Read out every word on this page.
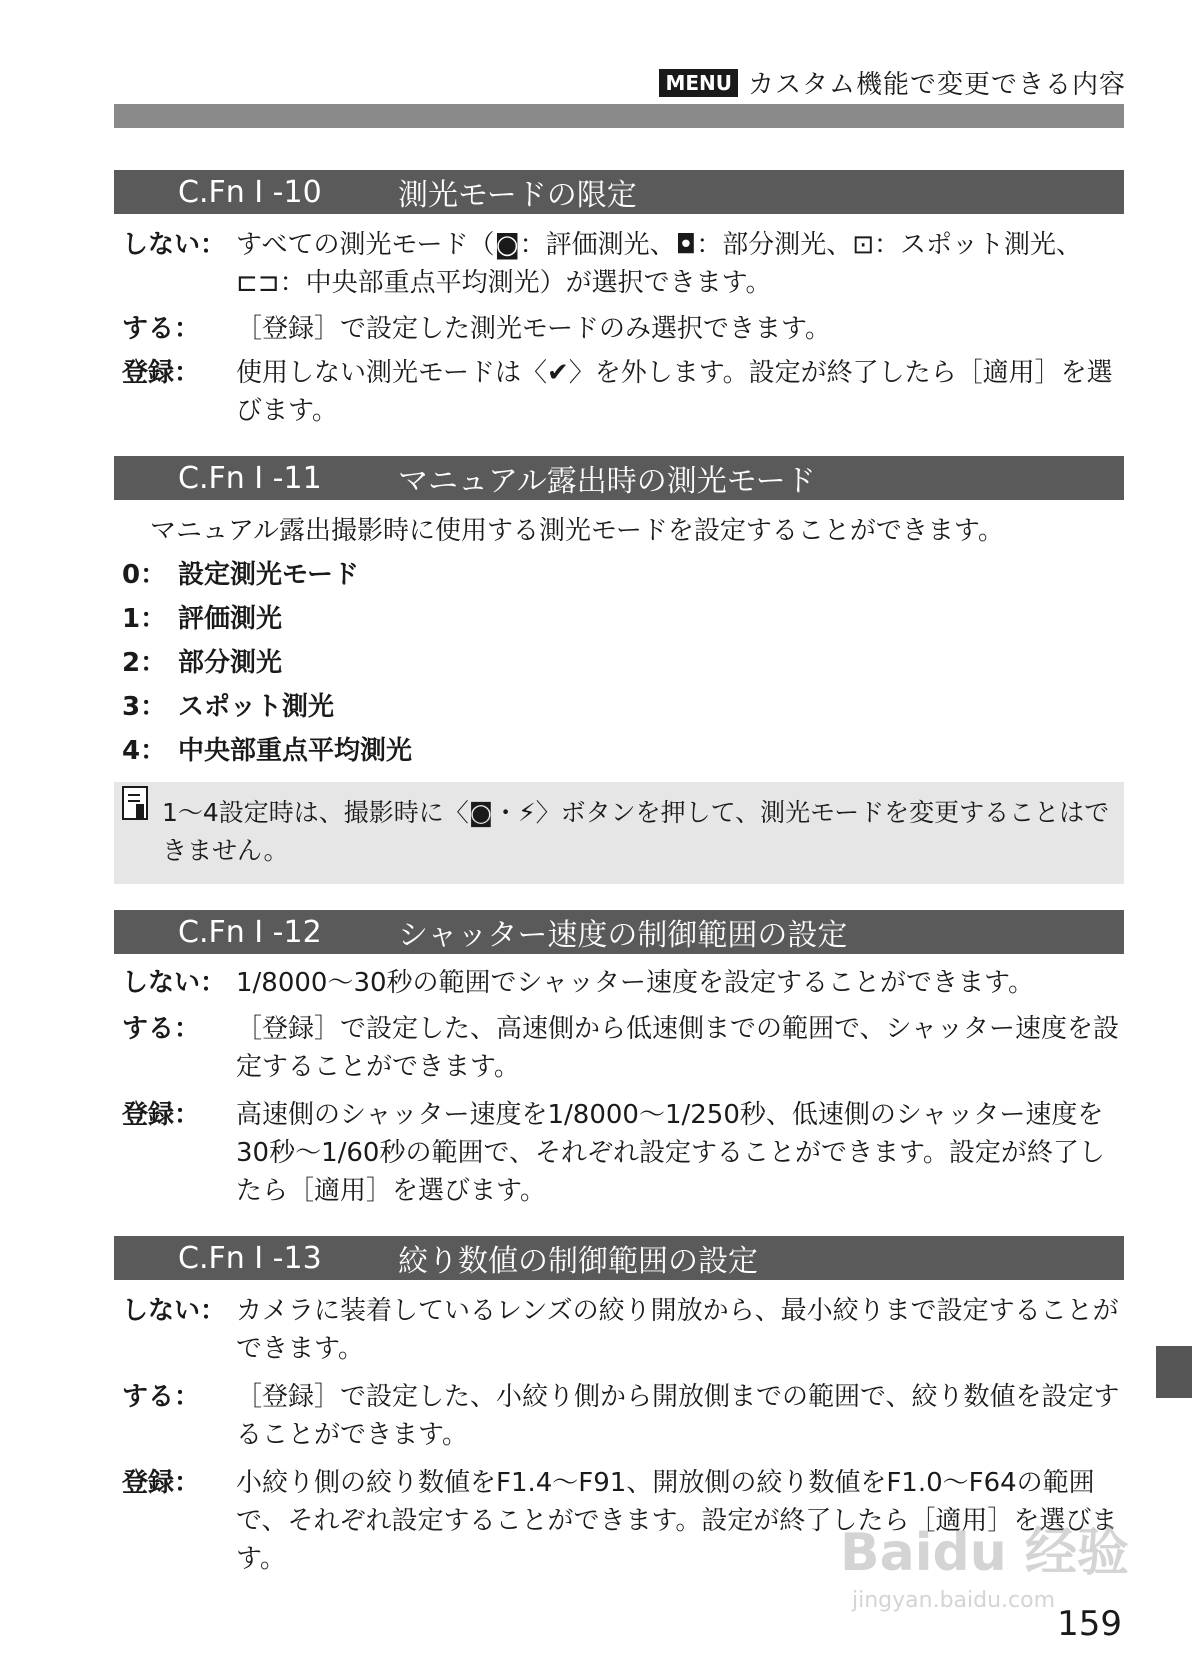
MENU カスタム機能で変更できる内容
C.Fn I -10	測光モードの限定
しない： すべての測光モード（◙：評価測光、◘：部分測光、⊡：スポット測光、⊏⊐：中央部重点平均測光）が選択できます。
する： ［登録］で設定した測光モードのみ選択できます。
登録： 使用しない測光モードは〈✔〉を外します。設定が終了したら［適用］を選びます。
C.Fn I -11	マニュアル露出時の測光モード
マニュアル露出撮影時に使用する測光モードを設定することができます。
0： 設定測光モード
1： 評価測光
2： 部分測光
3： スポット測光
4： 中央部重点平均測光
1〜4設定時は、撮影時に〈◙・⚡〉ボタンを押して、測光モードを変更することはできません。
C.Fn I -12	シャッター速度の制御範囲の設定
しない： 1/8000〜30秒の範囲でシャッター速度を設定することができます。
する： ［登録］で設定した、高速側から低速側までの範囲で、シャッター速度を設定することができます。
登録： 高速側のシャッター速度を1/8000〜1/250秒、低速側のシャッター速度を30秒〜1/60秒の範囲で、それぞれ設定することができます。設定が終了したら［適用］を選びます。
C.Fn I -13	絞り数値の制御範囲の設定
しない： カメラに装着しているレンズの絞り開放から、最小絞りまで設定することができます。
する： ［登録］で設定した、小絞り側から開放側までの範囲で、絞り数値を設定することができます。
登録： 小絞り側の絞り数値をF1.4〜F91、開放側の絞り数値をF1.0〜F64の範囲で、それぞれ設定することができます。設定が終了したら［適用］を選びます。	Baidu 经验
jingyan.baidu.com
159
